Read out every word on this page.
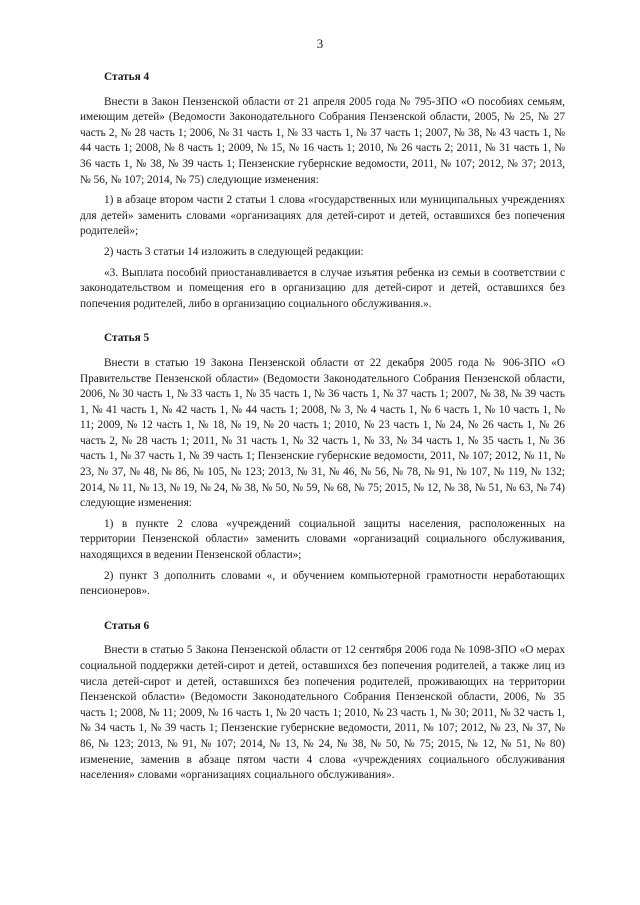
3
Статья 4

Внести в Закон Пензенской области от 21 апреля 2005 года № 795-ЗПО «О пособиях семьям, имеющим детей» (Ведомости Законодательного Собрания Пензенской области, 2005, № 25, № 27 часть 2, № 28 часть 1; 2006, № 31 часть 1, № 33 часть 1, № 37 часть 1; 2007, № 38, № 43 часть 1, № 44 часть 1; 2008, № 8 часть 1; 2009, № 15, № 16 часть 1; 2010, № 26 часть 2; 2011, № 31 часть 1, № 36 часть 1, № 38, № 39 часть 1; Пензенские губернские ведомости, 2011, № 107; 2012, № 37; 2013, № 56, № 107; 2014, № 75) следующие изменения:

1) в абзаце втором части 2 статьи 1 слова «государственных или муниципальных учреждениях для детей» заменить словами «организациях для детей-сирот и детей, оставшихся без попечения родителей»;

2) часть 3 статьи 14 изложить в следующей редакции:

«3. Выплата пособий приостанавливается в случае изъятия ребенка из семьи в соответствии с законодательством и помещения его в организацию для детей-сирот и детей, оставшихся без попечения родителей, либо в организацию социального обслуживания.».

Статья 5

Внести в статью 19 Закона Пензенской области от 22 декабря 2005 года № 906-ЗПО «О Правительстве Пензенской области» (Ведомости Законодательного Собрания Пензенской области, 2006, № 30 часть 1, № 33 часть 1, № 35 часть 1, № 36 часть 1, № 37 часть 1; 2007, № 38, № 39 часть 1, № 41 часть 1, № 42 часть 1, № 44 часть 1; 2008, № 3, № 4 часть 1, № 6 часть 1, № 10 часть 1, № 11; 2009, № 12 часть 1, № 18, № 19, № 20 часть 1; 2010, № 23 часть 1, № 24, № 26 часть 1, № 26 часть 2, № 28 часть 1; 2011, № 31 часть 1, № 32 часть 1, № 33, № 34 часть 1, № 35 часть 1, № 36 часть 1, № 37 часть 1, № 39 часть 1; Пензенские губернские ведомости, 2011, № 107; 2012, № 11, № 23, № 37, № 48, № 86, № 105, № 123; 2013, № 31, № 46, № 56, № 78, № 91, № 107, № 119, № 132; 2014, № 11, № 13, № 19, № 24, № 38, № 50, № 59, № 68, № 75; 2015, № 12, № 38, № 51, № 63, № 74) следующие изменения:

1) в пункте 2 слова «учреждений социальной защиты населения, расположенных на территории Пензенской области» заменить словами «организаций социального обслуживания, находящихся в ведении Пензенской области»;

2) пункт 3 дополнить словами «, и обучением компьютерной грамотности неработающих пенсионеров».

Статья 6

Внести в статью 5 Закона Пензенской области от 12 сентября 2006 года № 1098-ЗПО «О мерах социальной поддержки детей-сирот и детей, оставшихся без попечения родителей, а также лиц из числа детей-сирот и детей, оставшихся без попечения родителей, проживающих на территории Пензенской области» (Ведомости Законодательного Собрания Пензенской области, 2006, № 35 часть 1; 2008, № 11; 2009, № 16 часть 1, № 20 часть 1; 2010, № 23 часть 1, № 30; 2011, № 32 часть 1, № 34 часть 1, № 39 часть 1; Пензенские губернские ведомости, 2011, № 107; 2012, № 23, № 37, № 86, № 123; 2013, № 91, № 107; 2014, № 13, № 24, № 38, № 50, № 75; 2015, № 12, № 51, № 80) изменение, заменив в абзаце пятом части 4 слова «учреждениях социального обслуживания населения» словами «организациях социального обслуживания».
